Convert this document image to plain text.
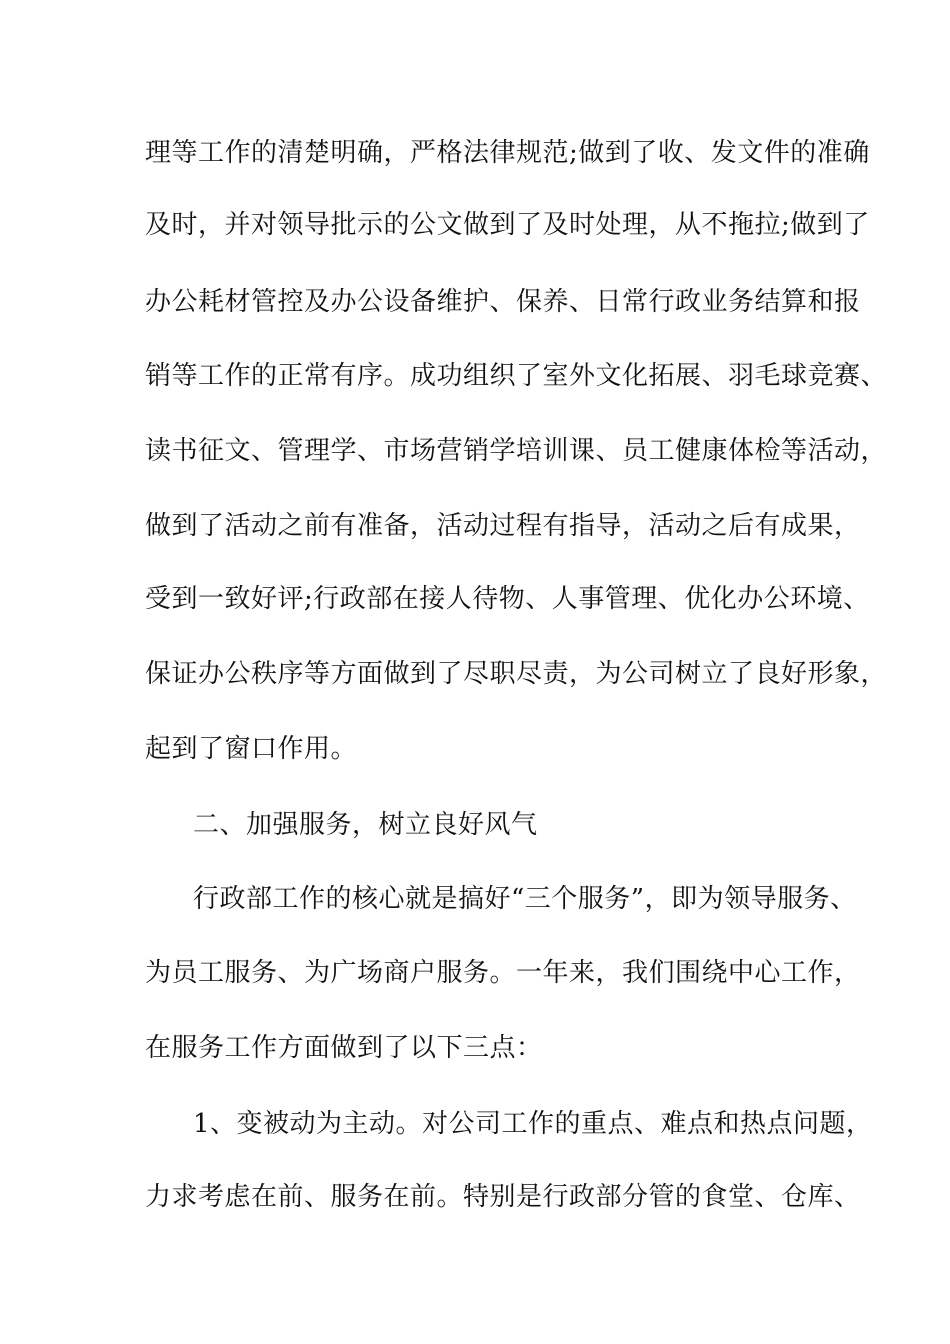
理等工作的清楚明确，严格法律规范;做到了收、发文件的准确
及时，并对领导批示的公文做到了及时处理，从不拖拉;做到了
办公耗材管控及办公设备维护、保养、日常行政业务结算和报
销等工作的正常有序。成功组织了室外文化拓展、羽毛球竞赛、
读书征文、管理学、市场营销学培训课、员工健康体检等活动，
做到了活动之前有准备，活动过程有指导，活动之后有成果，
受到一致好评;行政部在接人待物、人事管理、优化办公环境、
保证办公秩序等方面做到了尽职尽责，为公司树立了良好形象，
起到了窗口作用。
二、加强服务，树立良好风气
行政部工作的核心就是搞好“三个服务”，即为领导服务、
为员工服务、为广场商户服务。一年来，我们围绕中心工作，
在服务工作方面做到了以下三点：
1、变被动为主动。对公司工作的重点、难点和热点问题，
力求考虑在前、服务在前。特别是行政部分管的食堂、仓库、
